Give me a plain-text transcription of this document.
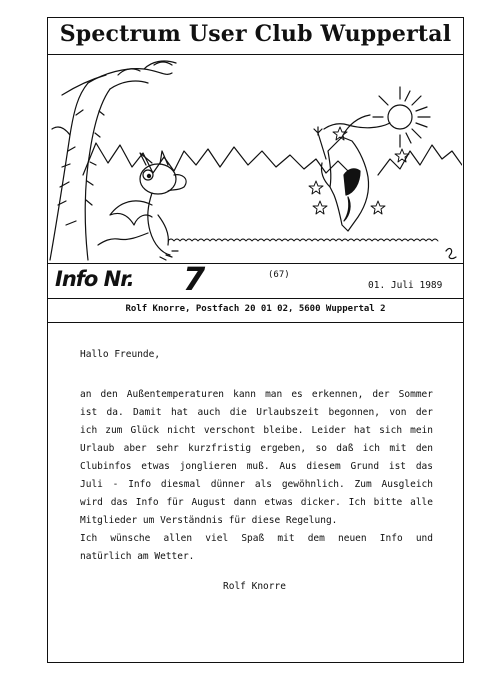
Spectrum User Club Wuppertal
Info Nr. 7	(67)
01. Juli 1989
Rolf Knorre, Postfach 20 01 02, 5600 Wuppertal 2
Hallo Freunde,
an den Außentemperaturen kann man es erkennen, der Sommer
ist da. Damit hat auch die Urlaubszeit begonnen, von der
ich zum Glück nicht verschont bleibe. Leider hat sich mein
Urlaub aber sehr kurzfristig ergeben, so daß ich mit den
Clubinfos etwas jonglieren muß. Aus diesem Grund ist das
Juli - Info diesmal dünner als gewöhnlich. Zum Ausgleich
wird das Info für August dann etwas dicker. Ich bitte alle
Mitglieder um Verständnis für diese Regelung.
Ich wünsche allen viel Spaß mit dem neuen Info und
natürlich am Wetter.
Rolf Knorre
